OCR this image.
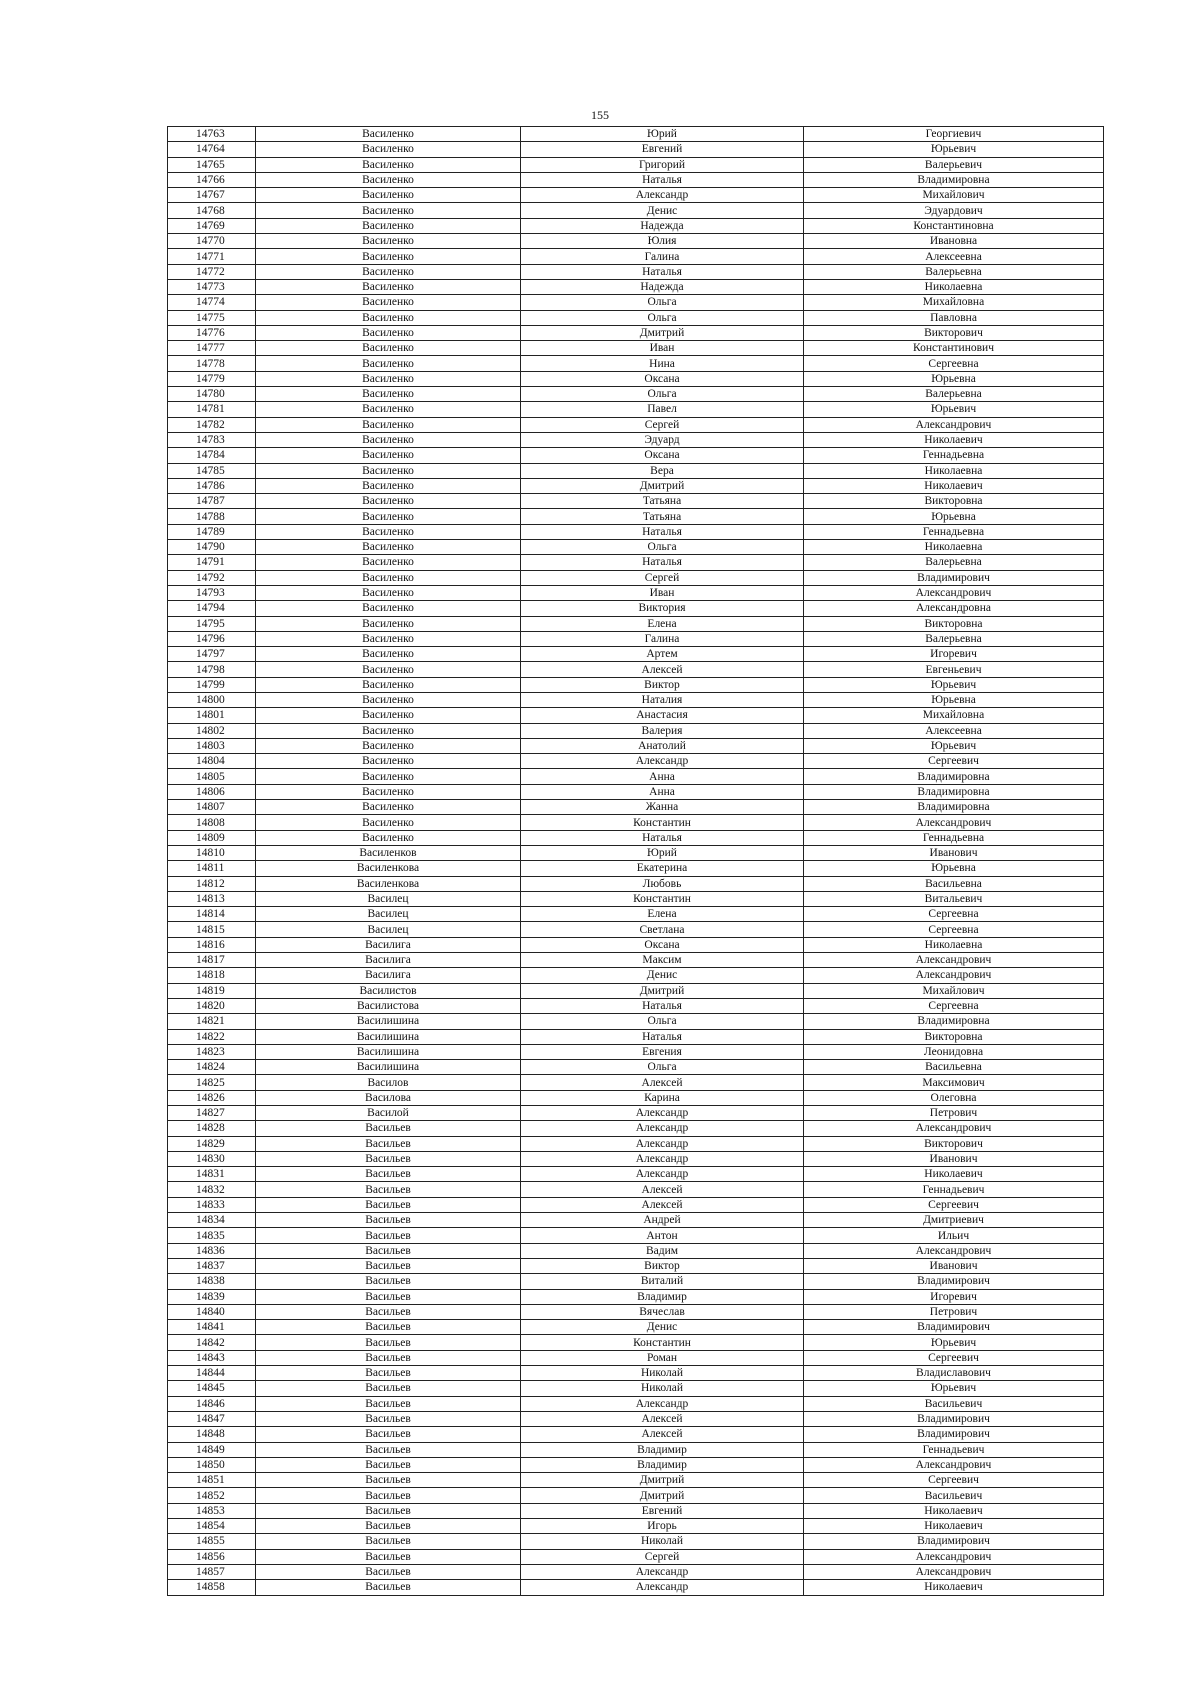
155
14763	Василенко	Юрий	Георгиевич
14764	Василенко	Евгений	Юрьевич
14765	Василенко	Григорий	Валерьевич
14766	Василенко	Наталья	Владимировна
14767	Василенко	Александр	Михайлович
14768	Василенко	Денис	Эдуардович
14769	Василенко	Надежда	Константиновна
14770	Василенко	Юлия	Ивановна
14771	Василенко	Галина	Алексеевна
14772	Василенко	Наталья	Валерьевна
14773	Василенко	Надежда	Николаевна
14774	Василенко	Ольга	Михайловна
14775	Василенко	Ольга	Павловна
14776	Василенко	Дмитрий	Викторович
14777	Василенко	Иван	Константинович
14778	Василенко	Нина	Сергеевна
14779	Василенко	Оксана	Юрьевна
14780	Василенко	Ольга	Валерьевна
14781	Василенко	Павел	Юрьевич
14782	Василенко	Сергей	Александрович
14783	Василенко	Эдуард	Николаевич
14784	Василенко	Оксана	Геннадьевна
14785	Василенко	Вера	Николаевна
14786	Василенко	Дмитрий	Николаевич
14787	Василенко	Татьяна	Викторовна
14788	Василенко	Татьяна	Юрьевна
14789	Василенко	Наталья	Геннадьевна
14790	Василенко	Ольга	Николаевна
14791	Василенко	Наталья	Валерьевна
14792	Василенко	Сергей	Владимирович
14793	Василенко	Иван	Александрович
14794	Василенко	Виктория	Александровна
14795	Василенко	Елена	Викторовна
14796	Василенко	Галина	Валерьевна
14797	Василенко	Артем	Игоревич
14798	Василенко	Алексей	Евгеньевич
14799	Василенко	Виктор	Юрьевич
14800	Василенко	Наталия	Юрьевна
14801	Василенко	Анастасия	Михайловна
14802	Василенко	Валерия	Алексеевна
14803	Василенко	Анатолий	Юрьевич
14804	Василенко	Александр	Сергеевич
14805	Василенко	Анна	Владимировна
14806	Василенко	Анна	Владимировна
14807	Василенко	Жанна	Владимировна
14808	Василенко	Константин	Александрович
14809	Василенко	Наталья	Геннадьевна
14810	Василенков	Юрий	Иванович
14811	Василенкова	Екатерина	Юрьевна
14812	Василенкова	Любовь	Васильевна
14813	Василец	Константин	Витальевич
14814	Василец	Елена	Сергеевна
14815	Василец	Светлана	Сергеевна
14816	Василига	Оксана	Николаевна
14817	Василига	Максим	Александрович
14818	Василига	Денис	Александрович
14819	Василистов	Дмитрий	Михайлович
14820	Василистова	Наталья	Сергеевна
14821	Василишина	Ольга	Владимировна
14822	Василишина	Наталья	Викторовна
14823	Василишина	Евгения	Леонидовна
14824	Василишина	Ольга	Васильевна
14825	Василов	Алексей	Максимович
14826	Василова	Карина	Олеговна
14827	Василой	Александр	Петрович
14828	Васильев	Александр	Александрович
14829	Васильев	Александр	Викторович
14830	Васильев	Александр	Иванович
14831	Васильев	Александр	Николаевич
14832	Васильев	Алексей	Геннадьевич
14833	Васильев	Алексей	Сергеевич
14834	Васильев	Андрей	Дмитриевич
14835	Васильев	Антон	Ильич
14836	Васильев	Вадим	Александрович
14837	Васильев	Виктор	Иванович
14838	Васильев	Виталий	Владимирович
14839	Васильев	Владимир	Игоревич
14840	Васильев	Вячеслав	Петрович
14841	Васильев	Денис	Владимирович
14842	Васильев	Константин	Юрьевич
14843	Васильев	Роман	Сергеевич
14844	Васильев	Николай	Владиславович
14845	Васильев	Николай	Юрьевич
14846	Васильев	Александр	Васильевич
14847	Васильев	Алексей	Владимирович
14848	Васильев	Алексей	Владимирович
14849	Васильев	Владимир	Геннадьевич
14850	Васильев	Владимир	Александрович
14851	Васильев	Дмитрий	Сергеевич
14852	Васильев	Дмитрий	Васильевич
14853	Васильев	Евгений	Николаевич
14854	Васильев	Игорь	Николаевич
14855	Васильев	Николай	Владимирович
14856	Васильев	Сергей	Александрович
14857	Васильев	Александр	Александрович
14858	Васильев	Александр	Николаевич
